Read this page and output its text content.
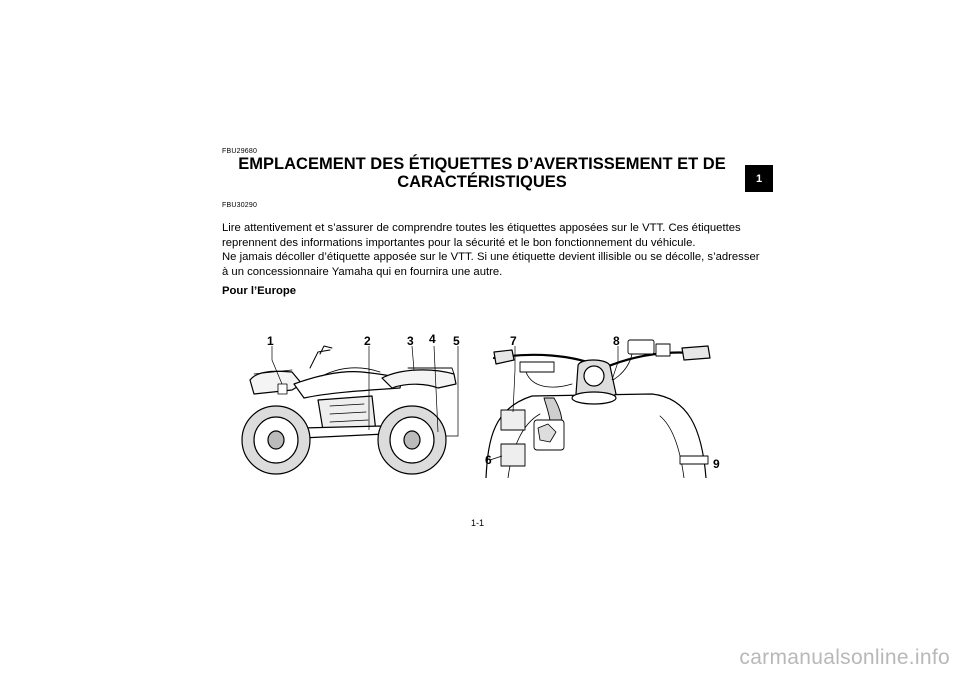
FBU29680
EMPLACEMENT DES ÉTIQUETTES D’AVERTISSEMENT ET DE
CARACTÉRISTIQUES	1
FBU30290

Lire attentivement et s’assurer de comprendre toutes les étiquettes apposées sur le VTT. Ces étiquettes
reprennent des informations importantes pour la sécurité et le bon fonctionnement du véhicule.

Ne jamais décoller d’étiquette apposée sur le VTT. Si une étiquette devient illisible ou se décolle, s’adresser
à un concessionnaire Yamaha qui en fournira une autre.

Pour l’Europe

1	2	3 4 5
6
7	8
9
1-1
carmanualsonline.info
